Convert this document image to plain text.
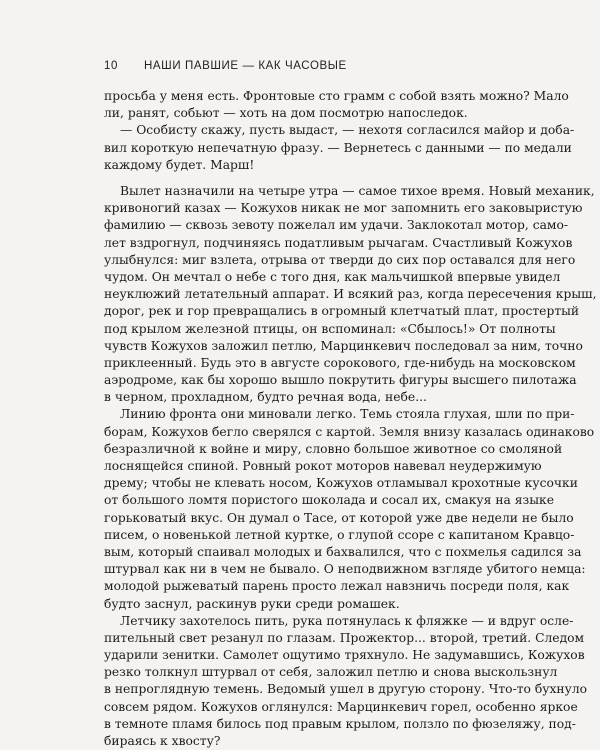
10 НАШИ ПАВШИЕ — КАК ЧАСОВЫЕ
просьба у меня есть. Фронтовые сто грамм с собой взять можно? Мало
ли, ранят, собьют — хоть на дом посмотрю напоследок.
— Особисту скажу, пусть выдаст, — нехотя согласился майор и доба-
вил короткую непечатную фразу. — Вернетесь с данными — по медали
каждому будет. Марш!
Вылет назначили на четыре утра — самое тихое время. Новый механик,
кривоногий казах — Кожухов никак не мог запомнить его заковыристую
фамилию — сквозь зевоту пожелал им удачи. Заклокотал мотор, само-
лет вздрогнул, подчиняясь податливым рычагам. Счастливый Кожухов
улыбнулся: миг взлета, отрыва от тверди до сих пор оставался для него
чудом. Он мечтал о небе с того дня, как мальчишкой впервые увидел
неуклюжий летательный аппарат. И всякий раз, когда пересечения крыш,
дорог, рек и гор превращались в огромный клетчатый плат, простертый
под крылом железной птицы, он вспоминал: «Сбылось!» От полноты
чувств Кожухов заложил петлю, Марцинкевич последовал за ним, точно
приклеенный. Будь это в августе сорокового, где-нибудь на московском
аэродроме, как бы хорошо вышло покрутить фигуры высшего пилотажа
в черном, прохладном, будто речная вода, небе...
Линию фронта они миновали легко. Темь стояла глухая, шли по при-
борам, Кожухов бегло сверялся с картой. Земля внизу казалась одинаково
безразличной к войне и миру, словно большое животное со смоляной
лоснящейся спиной. Ровный рокот моторов навевал неудержимую
дрему; чтобы не клевать носом, Кожухов отламывал крохотные кусочки
от большого ломтя пористого шоколада и сосал их, смакуя на языке
горьковатый вкус. Он думал о Тасе, от которой уже две недели не было
писем, о новенькой летной куртке, о глупой ссоре с капитаном Кравцо-
вым, который спаивал молодых и бахвалился, что с похмелья садился за
штурвал как ни в чем не бывало. О неподвижном взгляде убитого немца:
молодой рыжеватый парень просто лежал навзничь посреди поля, как
будто заснул, раскинув руки среди ромашек.
Летчику захотелось пить, рука потянулась к фляжке — и вдруг осле-
пительный свет резанул по глазам. Прожектор... второй, третий. Следом
ударили зенитки. Самолет ощутимо тряхнуло. Не задумавшись, Кожухов
резко толкнул штурвал от себя, заложил петлю и снова выскользнул
в непроглядную темень. Ведомый ушел в другую сторону. Что-то бухнуло
совсем рядом. Кожухов оглянулся: Марцинкевич горел, особенно яркое
в темноте пламя билось под правым крылом, ползло по фюзеляжу, под-
бираясь к хвосту?
